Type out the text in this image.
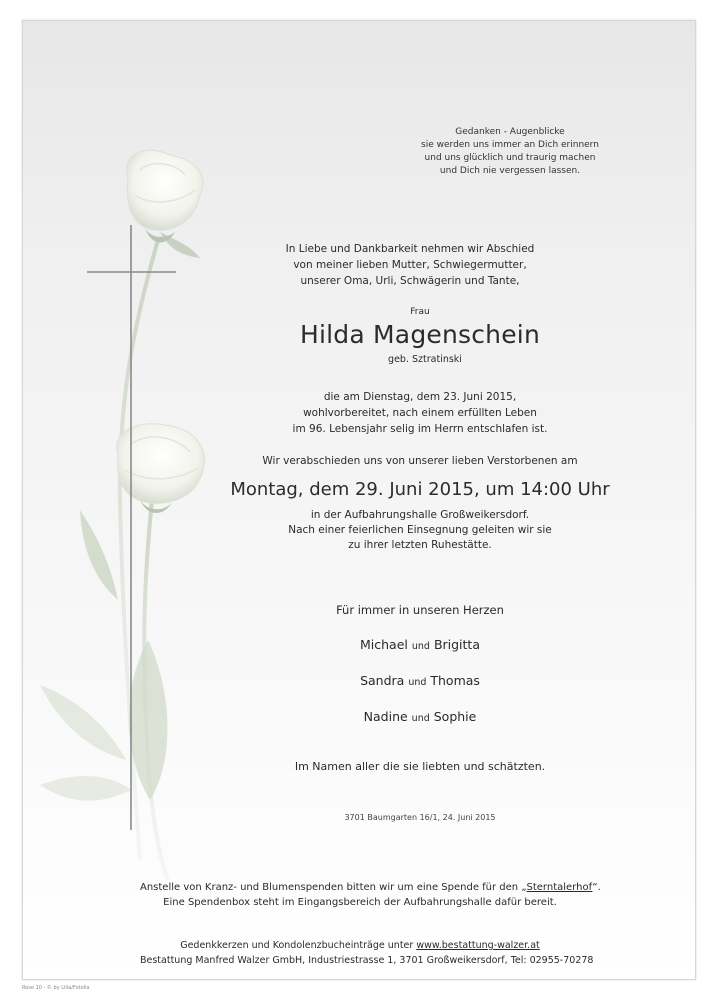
Gedanken - Augenblicke
sie werden uns immer an Dich erinnern
und uns glücklich und traurig machen
und Dich nie vergessen lassen.
In Liebe und Dankbarkeit nehmen wir Abschied
von meiner lieben Mutter, Schwiegermutter,
unserer Oma, Urli, Schwägerin und Tante,
Frau
Hilda Magenschein
geb. Sztratinski
die am Dienstag, dem 23. Juni 2015,
wohlvorbereitet, nach einem erfüllten Leben
im 96. Lebensjahr selig im Herrn entschlafen ist.
Wir verabschieden uns von unserer lieben Verstorbenen am
Montag, dem 29. Juni 2015, um 14:00 Uhr
in der Aufbahrungshalle Großweikersdorf.
Nach einer feierlichen Einsegnung geleiten wir sie
zu ihrer letzten Ruhestätte.
Für immer in unseren Herzen
Michael und Brigitta
Sandra und Thomas
Nadine und Sophie
Im Namen aller die sie liebten und schätzten.
3701 Baumgarten 16/1, 24. Juni 2015
Anstelle von Kranz- und Blumenspenden bitten wir um eine Spende für den „Sterntalerhof“.
Eine Spendenbox steht im Eingangsbereich der Aufbahrungshalle dafür bereit.
Gedenkkerzen und Kondolenzbucheinträge unter www.bestattung-walzer.at
Bestattung Manfred Walzer GmbH, Industriestrasse 1, 3701 Großweikersdorf, Tel: 02955-70278
Rose 10 - © by Lilia/Fotolia
